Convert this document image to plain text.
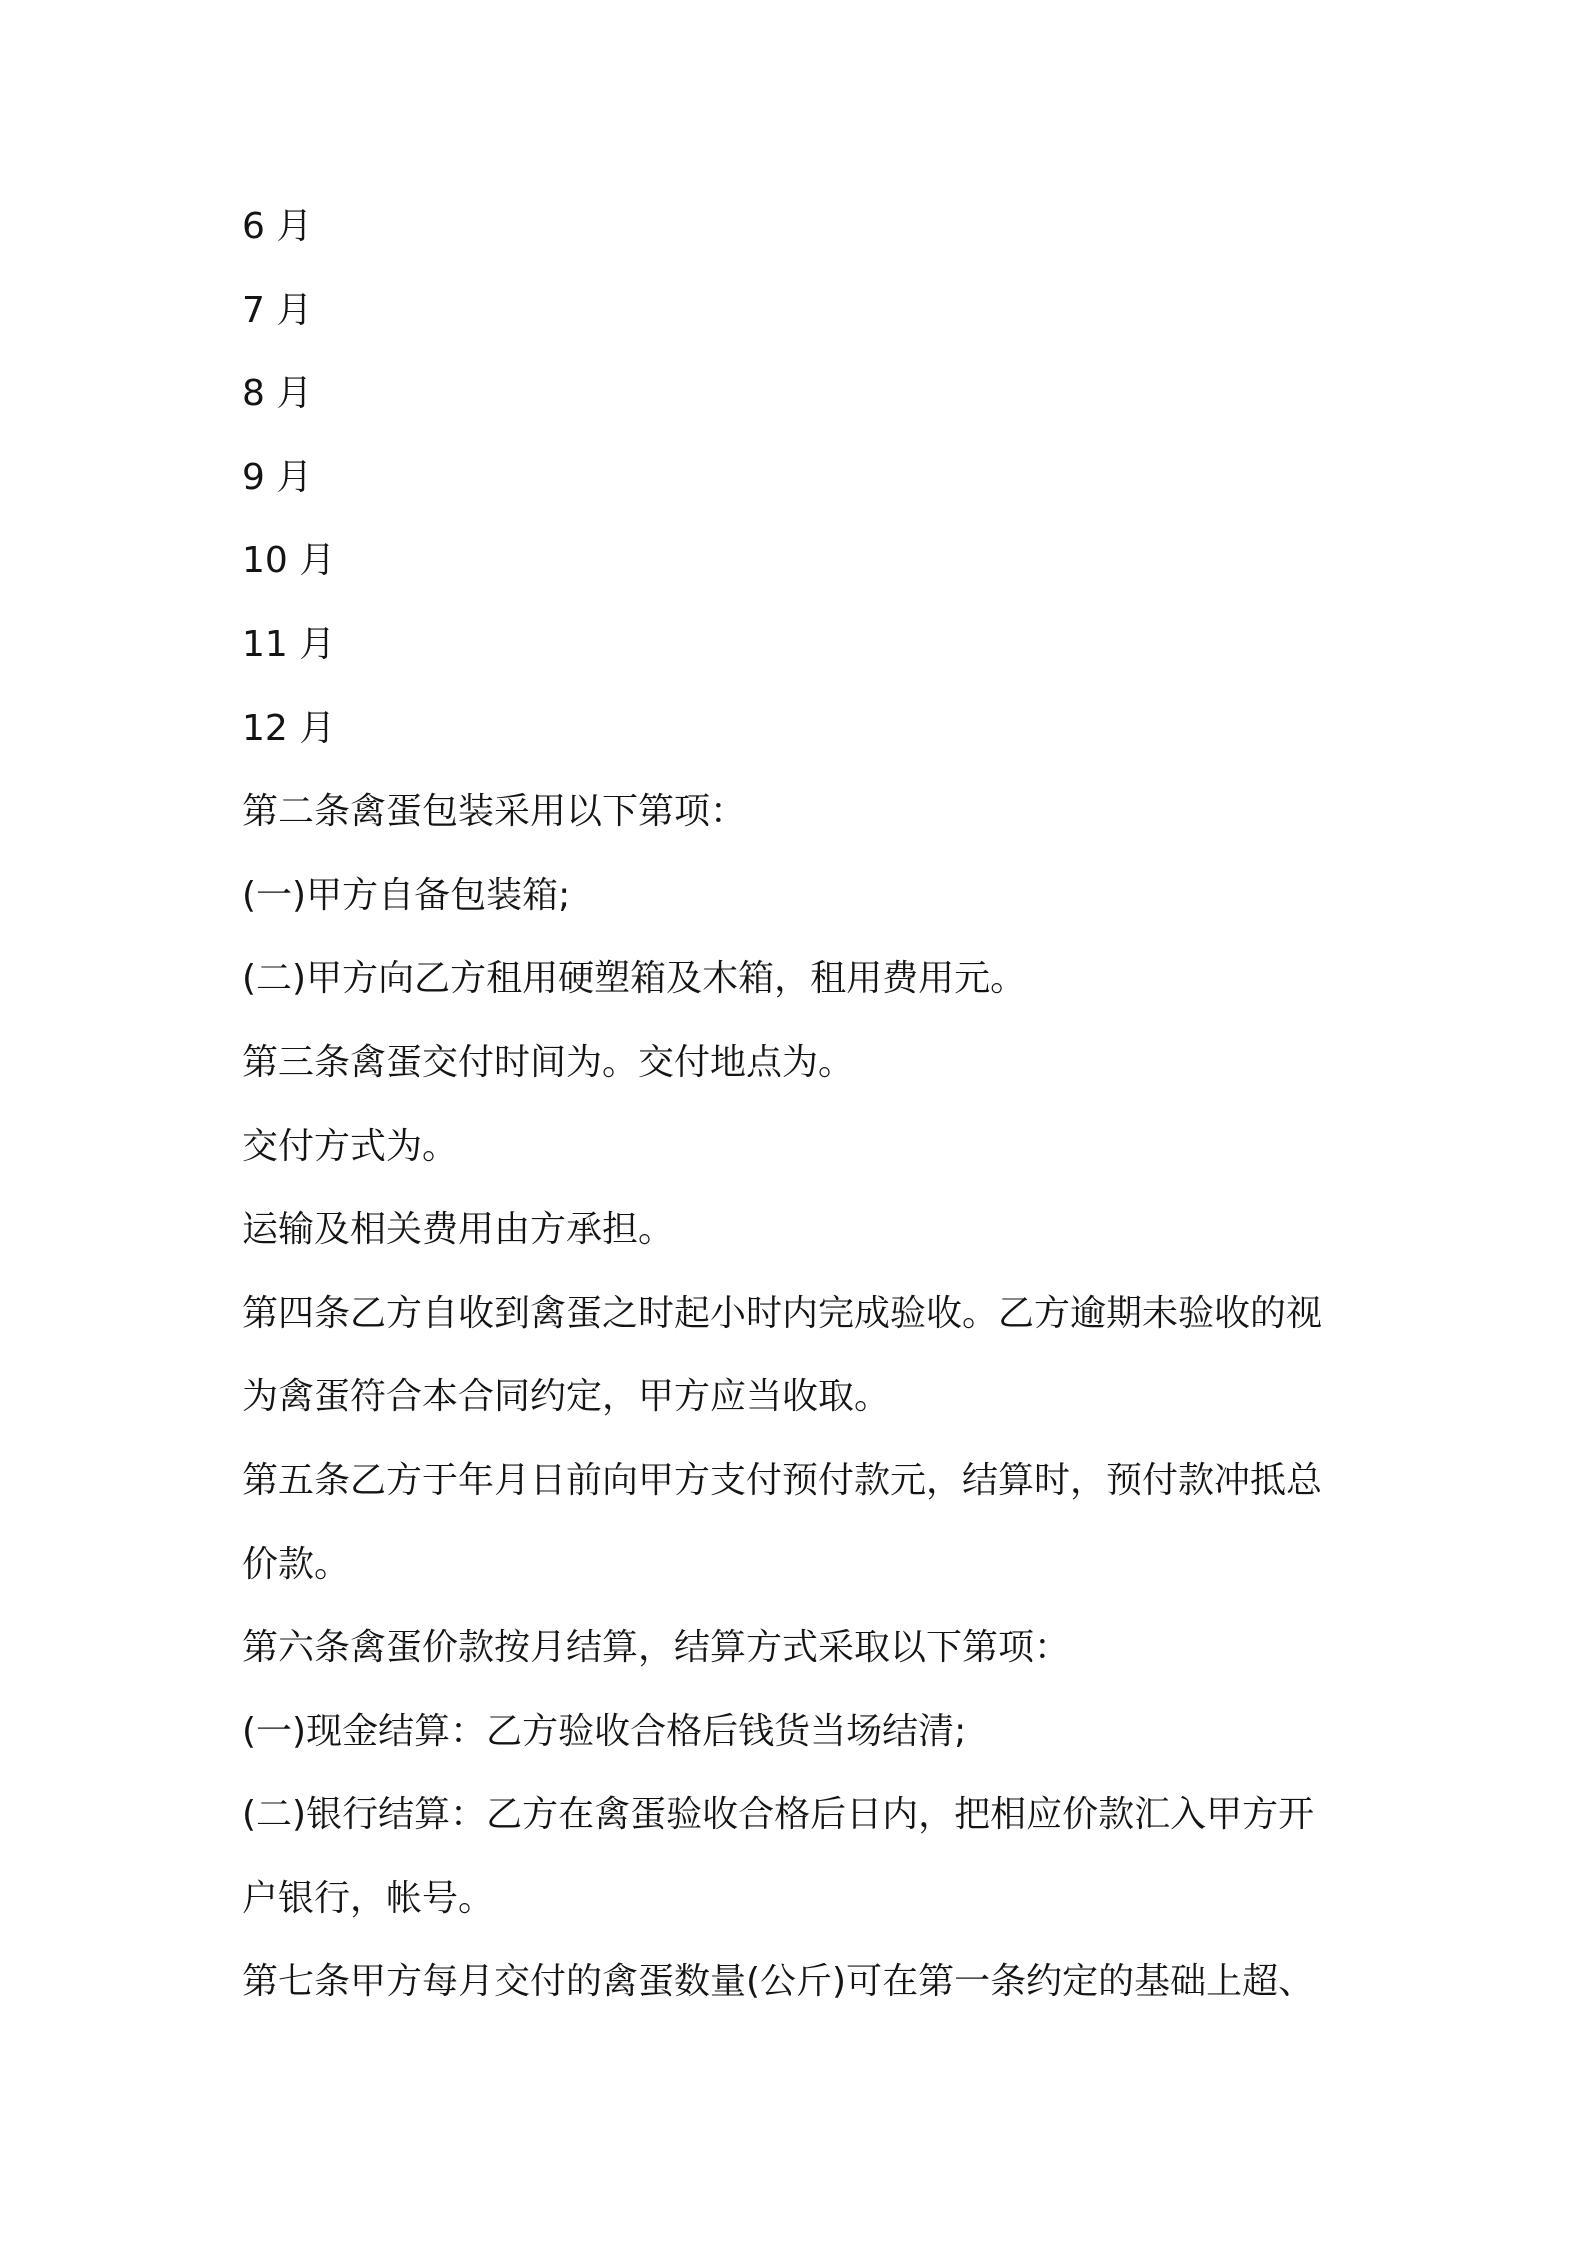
6 月
7 月
8 月
9 月
10 月
11 月
12 月
第二条禽蛋包装采用以下第项：
(一)甲方自备包装箱;
(二)甲方向乙方租用硬塑箱及木箱，租用费用元。
第三条禽蛋交付时间为。交付地点为。
交付方式为。
运输及相关费用由方承担。
第四条乙方自收到禽蛋之时起小时内完成验收。乙方逾期未验收的视
为禽蛋符合本合同约定，甲方应当收取。
第五条乙方于年月日前向甲方支付预付款元，结算时，预付款冲抵总
价款。
第六条禽蛋价款按月结算，结算方式采取以下第项：
(一)现金结算：乙方验收合格后钱货当场结清;
(二)银行结算：乙方在禽蛋验收合格后日内，把相应价款汇入甲方开
户银行，帐号。
第七条甲方每月交付的禽蛋数量(公斤)可在第一条约定的基础上超、
